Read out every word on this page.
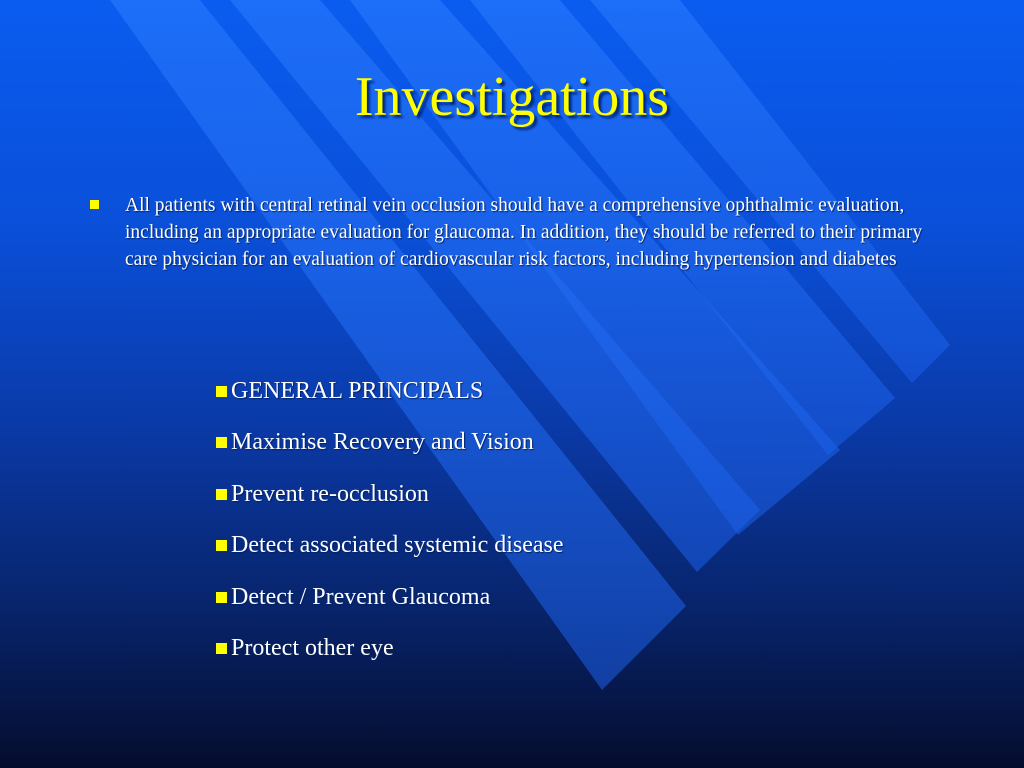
Investigations

All patients with central retinal vein occlusion should have a comprehensive ophthalmic evaluation, including an appropriate evaluation for glaucoma. In addition, they should be referred to their primary care physician for an evaluation of cardiovascular risk factors, including hypertension and diabetes

GENERAL PRINCIPALS
Maximise Recovery and Vision
Prevent re-occlusion
Detect associated systemic disease
Detect / Prevent Glaucoma
Protect other eye
